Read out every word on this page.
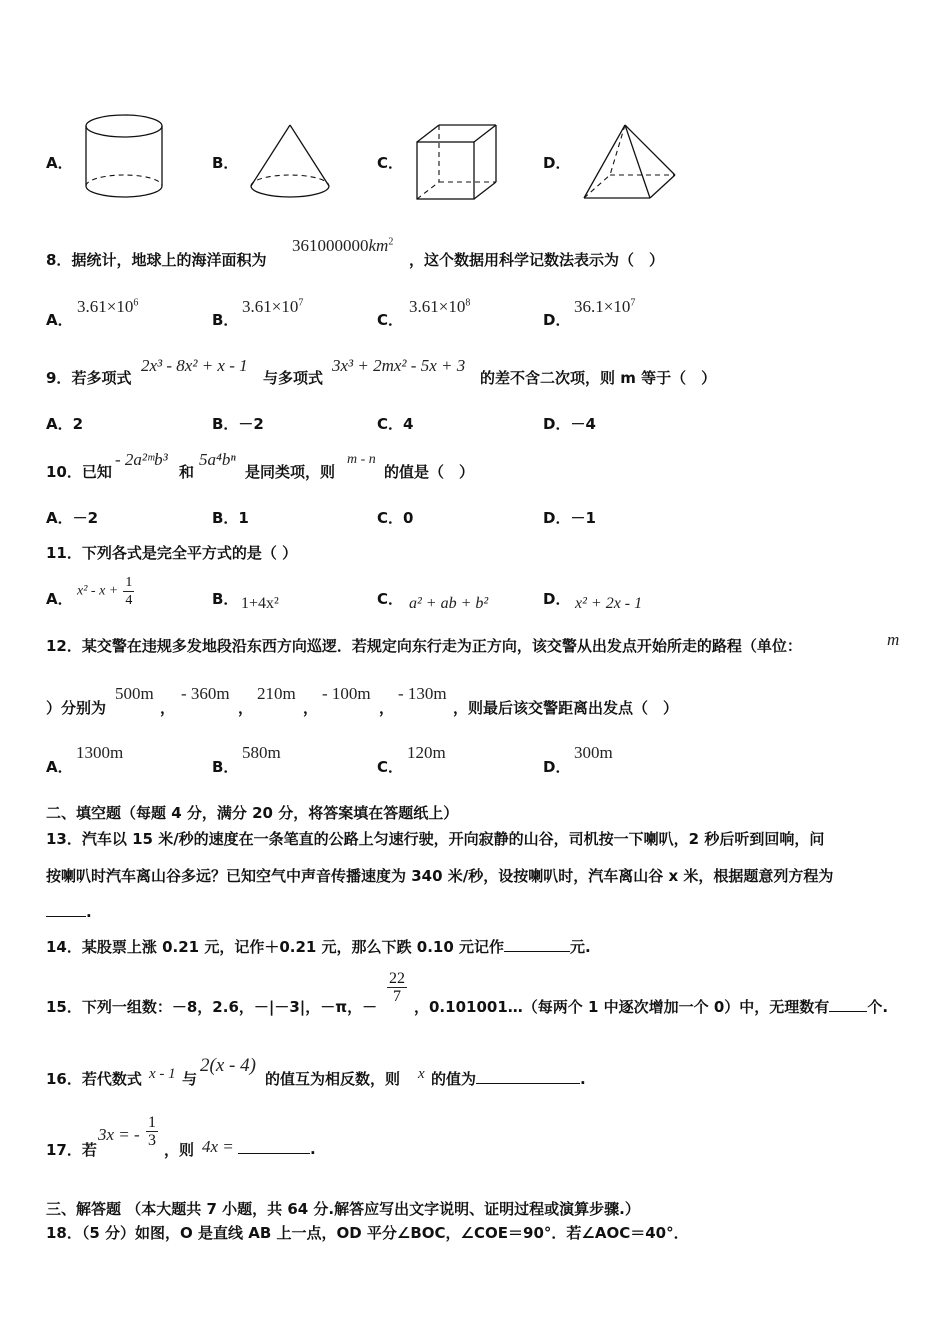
A．	B．	C．	D．
8．据统计，地球上的海洋面积为
$361000000km^2$
，这个数据用科学记数法表示为（　）
A．
$3.61\times 10^6$
B．
$3.61\times 10^7$
C．
$3.61\times 10^8$
D．
$36.1\times 10^7$
9．若多项式
2x³ - 8x² + x - 1
与多项式
3x³ + 2mx² - 5x + 3
的差不含二次项，则 m 等于（　）
A．2	B．－2	C．4	D．－4
10．已知
- 2a²ᵐb³
和
5a⁴bⁿ
是同类项，则
m - n
的值是（　）
A．－2	B．1	C．0	D．－1
11．下列各式是完全平方式的是（ ）
A． $x^2 - x + \frac{1}{4}$	B． 1+4x²	C． a² + ab + b²	D． x² + 2x - 1
12．某交警在违规多发地段沿东西方向巡逻．若规定向东行走为正方向，该交警从出发点开始所走的路程（单位：	m
）分别为
500m
，
- 360m
，
210m
，
- 100m
，
- 130m
，则最后该交警距离出发点（　）
A．
1300m
B．
580m
C．
120m
D．
300m
二、填空题（每题 4 分，满分 20 分，将答案填在答题纸上）
13．汽车以 15 米/秒的速度在一条笔直的公路上匀速行驶，开向寂静的山谷，司机按一下喇叭，2 秒后听到回响，问
按喇叭时汽车离山谷多远？已知空气中声音传播速度为 340 米/秒，设按喇叭时，汽车离山谷 x 米，根据题意列方程为
.
14．某股票上涨 0.21 元，记作＋0.21 元，那么下跌 0.10 元记作	元.
15．下列一组数：－8，2.6，－|－3|，－π，－
$\frac{22}{7}$
，0.101001…（每两个 1 中逐次增加一个 0）中，无理数有	个.
16．若代数式 x - 1 与
2(x - 4)
的值互为相反数，则 x 的值为	.
17．若
3x = - $\frac{1}{3}$
，则 4x =	.
三、解答题 （本大题共 7 小题，共 64 分.解答应写出文字说明、证明过程或演算步骤.）
18．（5 分）如图，O 是直线 AB 上一点，OD 平分∠BOC，∠COE＝90°．若∠AOC＝40°．
